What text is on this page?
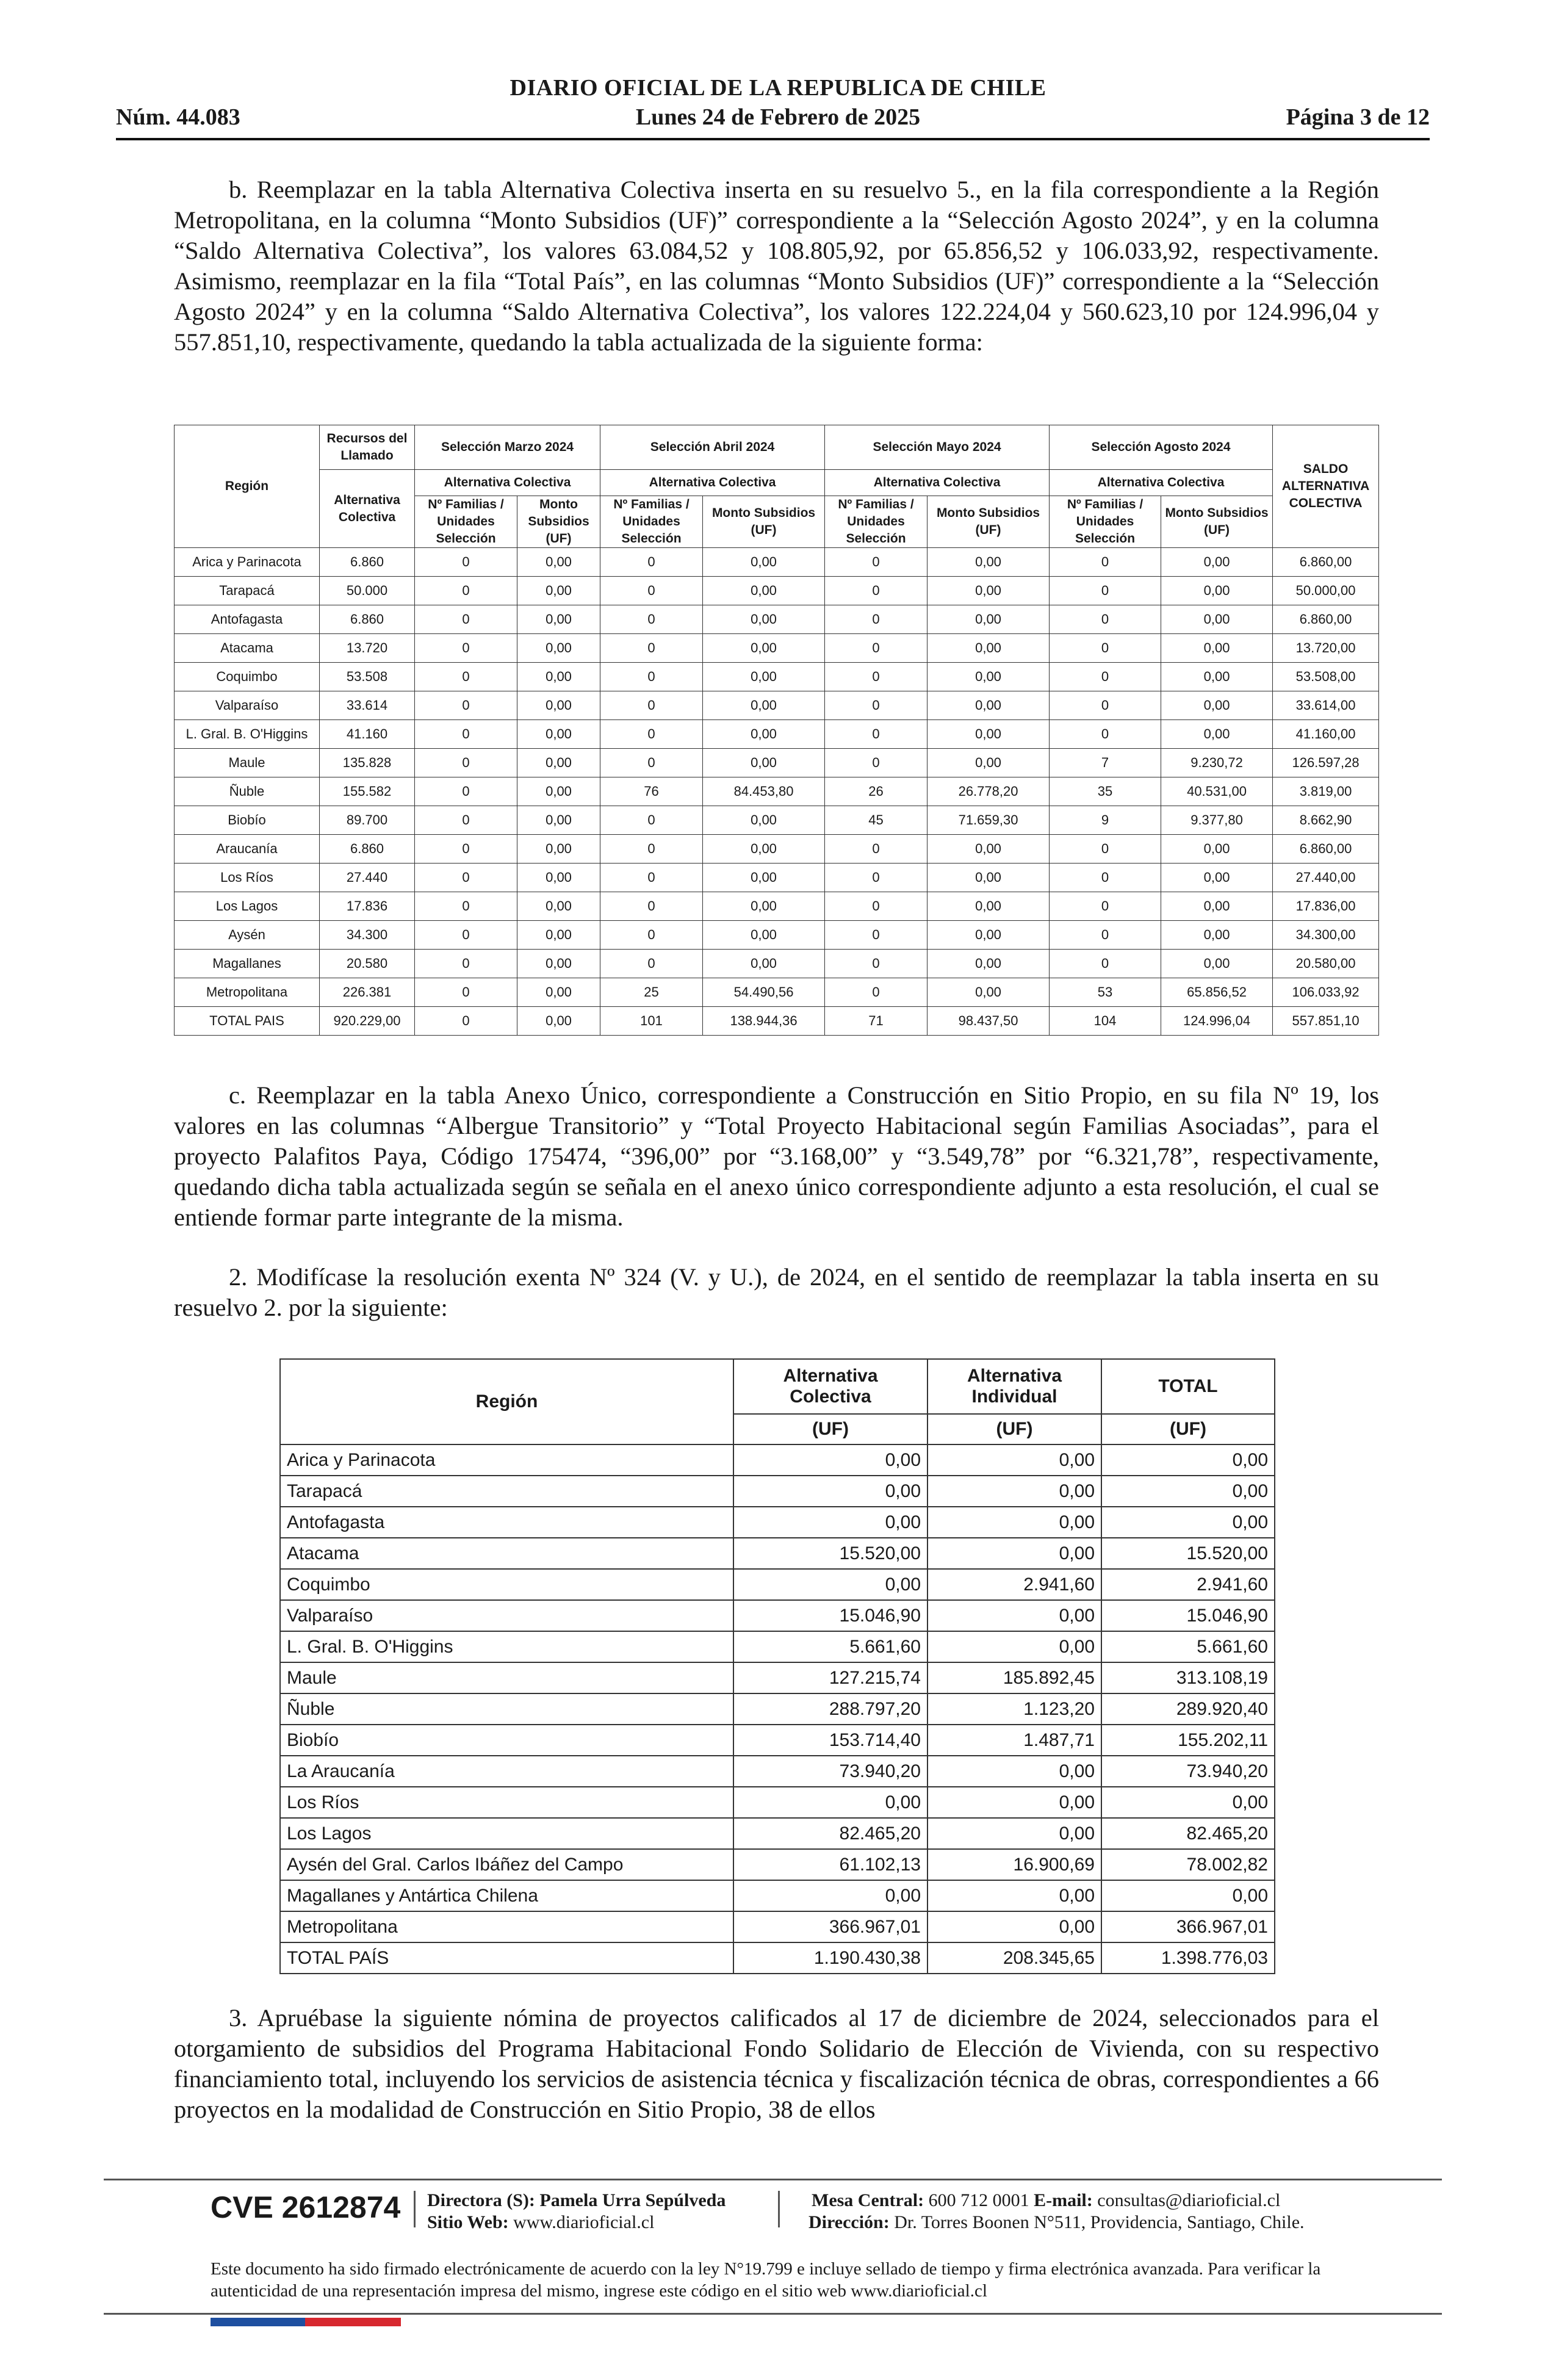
DIARIO OFICIAL DE LA REPUBLICA DE CHILE
Lunes 24 de Febrero de 2025
Núm. 44.083	Página 3 de 12

b. Reemplazar en la tabla Alternativa Colectiva inserta en su resuelvo 5., en la fila correspondiente a la Región Metropolitana, en la columna “Monto Subsidios (UF)” correspondiente a la “Selección Agosto 2024”, y en la columna “Saldo Alternativa Colectiva”, los valores 63.084,52 y 108.805,92, por 65.856,52 y 106.033,92, respectivamente. Asimismo, reemplazar en la fila “Total País”, en las columnas “Monto Subsidios (UF)” correspondiente a la “Selección Agosto 2024” y en la columna “Saldo Alternativa Colectiva”, los valores 122.224,04 y 560.623,10 por 124.996,04 y 557.851,10, respectivamente, quedando la tabla actualizada de la siguiente forma:

Región	Recursos del Llamado	Selección Marzo 2024		Selección Abril 2024		Selección Mayo 2024		Selección Agosto 2024		SALDO ALTERNATIVA COLECTIVA
	Alternativa Colectiva	Alternativa Colectiva		Alternativa Colectiva		Alternativa Colectiva		Alternativa Colectiva		
		Nº Familias / Unidades Selección	Monto Subsidios (UF)	Nº Familias / Unidades Selección	Monto Subsidios (UF)	Nº Familias / Unidades Selección	Monto Subsidios (UF)	Nº Familias / Unidades Selección	Monto Subsidios (UF)	
Arica y Parinacota	6.860	0	0,00	0	0,00	0	0,00	0	0,00	6.860,00
Tarapacá	50.000	0	0,00	0	0,00	0	0,00	0	0,00	50.000,00
Antofagasta	6.860	0	0,00	0	0,00	0	0,00	0	0,00	6.860,00
Atacama	13.720	0	0,00	0	0,00	0	0,00	0	0,00	13.720,00
Coquimbo	53.508	0	0,00	0	0,00	0	0,00	0	0,00	53.508,00
Valparaíso	33.614	0	0,00	0	0,00	0	0,00	0	0,00	33.614,00
L. Gral. B. O'Higgins	41.160	0	0,00	0	0,00	0	0,00	0	0,00	41.160,00
Maule	135.828	0	0,00	0	0,00	0	0,00	7	9.230,72	126.597,28
Ñuble	155.582	0	0,00	76	84.453,80	26	26.778,20	35	40.531,00	3.819,00
Biobío	89.700	0	0,00	0	0,00	45	71.659,30	9	9.377,80	8.662,90
Araucanía	6.860	0	0,00	0	0,00	0	0,00	0	0,00	6.860,00
Los Ríos	27.440	0	0,00	0	0,00	0	0,00	0	0,00	27.440,00
Los Lagos	17.836	0	0,00	0	0,00	0	0,00	0	0,00	17.836,00
Aysén	34.300	0	0,00	0	0,00	0	0,00	0	0,00	34.300,00
Magallanes	20.580	0	0,00	0	0,00	0	0,00	0	0,00	20.580,00
Metropolitana	226.381	0	0,00	25	54.490,56	0	0,00	53	65.856,52	106.033,92
TOTAL PAIS	920.229,00	0	0,00	101	138.944,36	71	98.437,50	104	124.996,04	557.851,10

c. Reemplazar en la tabla Anexo Único, correspondiente a Construcción en Sitio Propio, en su fila Nº 19, los valores en las columnas “Albergue Transitorio” y “Total Proyecto Habitacional según Familias Asociadas”, para el proyecto Palafitos Paya, Código 175474, “396,00” por “3.168,00” y “3.549,78” por “6.321,78”, respectivamente, quedando dicha tabla actualizada según se señala en el anexo único correspondiente adjunto a esta resolución, el cual se entiende formar parte integrante de la misma.

2. Modifícase la resolución exenta Nº 324 (V. y U.), de 2024, en el sentido de reemplazar la tabla inserta en su resuelvo 2. por la siguiente:

Región	Alternativa Colectiva	Alternativa Individual	TOTAL
	(UF)	(UF)	(UF)
Arica y Parinacota	0,00	0,00	0,00
Tarapacá	0,00	0,00	0,00
Antofagasta	0,00	0,00	0,00
Atacama	15.520,00	0,00	15.520,00
Coquimbo	0,00	2.941,60	2.941,60
Valparaíso	15.046,90	0,00	15.046,90
L. Gral. B. O'Higgins	5.661,60	0,00	5.661,60
Maule	127.215,74	185.892,45	313.108,19
Ñuble	288.797,20	1.123,20	289.920,40
Biobío	153.714,40	1.487,71	155.202,11
La Araucanía	73.940,20	0,00	73.940,20
Los Ríos	0,00	0,00	0,00
Los Lagos	82.465,20	0,00	82.465,20
Aysén del Gral. Carlos Ibáñez del Campo	61.102,13	16.900,69	78.002,82
Magallanes y Antártica Chilena	0,00	0,00	0,00
Metropolitana	366.967,01	0,00	366.967,01
TOTAL PAÍS	1.190.430,38	208.345,65	1.398.776,03

3. Apruébase la siguiente nómina de proyectos calificados al 17 de diciembre de 2024, seleccionados para el otorgamiento de subsidios del Programa Habitacional Fondo Solidario de Elección de Vivienda, con su respectivo financiamiento total, incluyendo los servicios de asistencia técnica y fiscalización técnica de obras, correspondientes a 66 proyectos en la modalidad de Construcción en Sitio Propio, 38 de ellos

CVE 2612874 Directora (S): Pamela Urra Sepúlveda
Sitio Web: www.diarioficial.cl
Mesa Central: 600 712 0001 E-mail: consultas@diarioficial.cl
Dirección: Dr. Torres Boonen N°511, Providencia, Santiago, Chile.

Este documento ha sido firmado electrónicamente de acuerdo con la ley N°19.799 e incluye sellado de tiempo y firma electrónica avanzada. Para verificar la autenticidad de una representación impresa del mismo, ingrese este código en el sitio web www.diarioficial.cl
